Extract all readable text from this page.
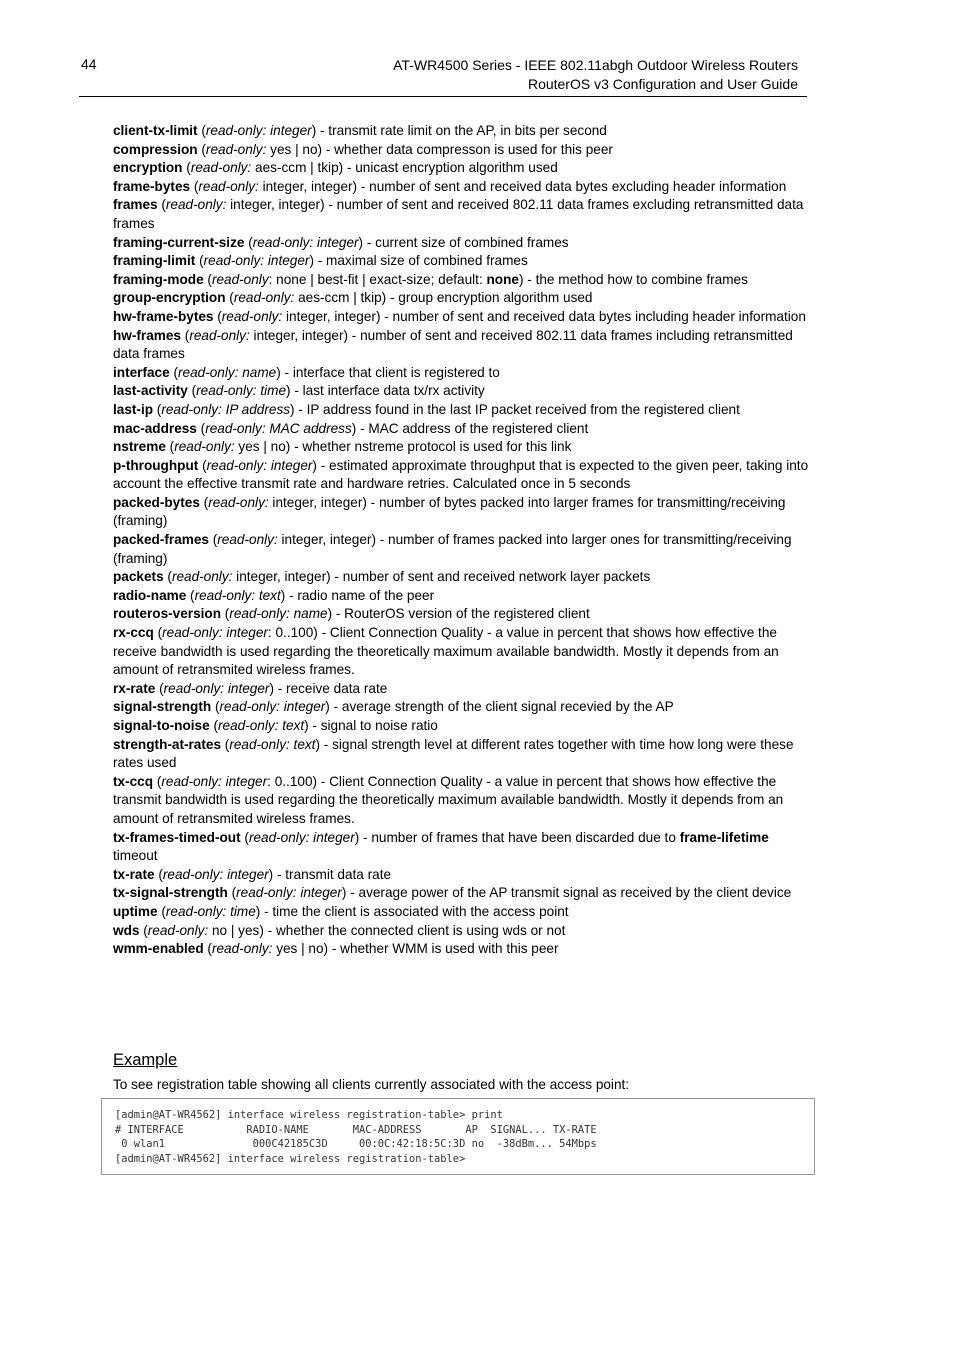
44	AT-WR4500 Series - IEEE 802.11abgh Outdoor Wireless Routers
RouterOS v3 Configuration and User Guide
client-tx-limit (read-only: integer) - transmit rate limit on the AP, in bits per second
compression (read-only: yes | no) - whether data compresson is used for this peer
encryption (read-only: aes-ccm | tkip) - unicast encryption algorithm used
frame-bytes (read-only: integer, integer) - number of sent and received data bytes excluding header information
frames (read-only: integer, integer) - number of sent and received 802.11 data frames excluding retransmitted data frames
framing-current-size (read-only: integer) - current size of combined frames
framing-limit (read-only: integer) - maximal size of combined frames
framing-mode (read-only: none | best-fit | exact-size; default: none) - the method how to combine frames
group-encryption (read-only: aes-ccm | tkip) - group encryption algorithm used
hw-frame-bytes (read-only: integer, integer) - number of sent and received data bytes including header information
hw-frames (read-only: integer, integer) - number of sent and received 802.11 data frames including retransmitted data frames
interface (read-only: name) - interface that client is registered to
last-activity (read-only: time) - last interface data tx/rx activity
last-ip (read-only: IP address) - IP address found in the last IP packet received from the registered client
mac-address (read-only: MAC address) - MAC address of the registered client
nstreme (read-only: yes | no) - whether nstreme protocol is used for this link
p-throughput (read-only: integer) - estimated approximate throughput that is expected to the given peer, taking into account the effective transmit rate and hardware retries. Calculated once in 5 seconds
packed-bytes (read-only: integer, integer) - number of bytes packed into larger frames for transmitting/receiving (framing)
packed-frames (read-only: integer, integer) - number of frames packed into larger ones for transmitting/receiving (framing)
packets (read-only: integer, integer) - number of sent and received network layer packets
radio-name (read-only: text) - radio name of the peer
routeros-version (read-only: name) - RouterOS version of the registered client
rx-ccq (read-only: integer: 0..100) - Client Connection Quality - a value in percent that shows how effective the receive bandwidth is used regarding the theoretically maximum available bandwidth. Mostly it depends from an amount of retransmited wireless frames.
rx-rate (read-only: integer) - receive data rate
signal-strength (read-only: integer) - average strength of the client signal recevied by the AP
signal-to-noise (read-only: text) - signal to noise ratio
strength-at-rates (read-only: text) - signal strength level at different rates together with time how long were these rates used
tx-ccq (read-only: integer: 0..100) - Client Connection Quality - a value in percent that shows how effective the transmit bandwidth is used regarding the theoretically maximum available bandwidth. Mostly it depends from an amount of retransmited wireless frames.
tx-frames-timed-out (read-only: integer) - number of frames that have been discarded due to frame-lifetime timeout
tx-rate (read-only: integer) - transmit data rate
tx-signal-strength (read-only: integer) - average power of the AP transmit signal as received by the client device
uptime (read-only: time) - time the client is associated with the access point
wds (read-only: no | yes) - whether the connected client is using wds or not
wmm-enabled (read-only: yes | no) - whether WMM is used with this peer
Example

To see registration table showing all clients currently associated with the access point:

[admin@AT-WR4562] interface wireless registration-table> print
# INTERFACE          RADIO-NAME       MAC-ADDRESS       AP  SIGNAL... TX-RATE
0 wlan1              000C42185C3D     00:0C:42:18:5C:3D no  -38dBm... 54Mbps
[admin@AT-WR4562] interface wireless registration-table>
